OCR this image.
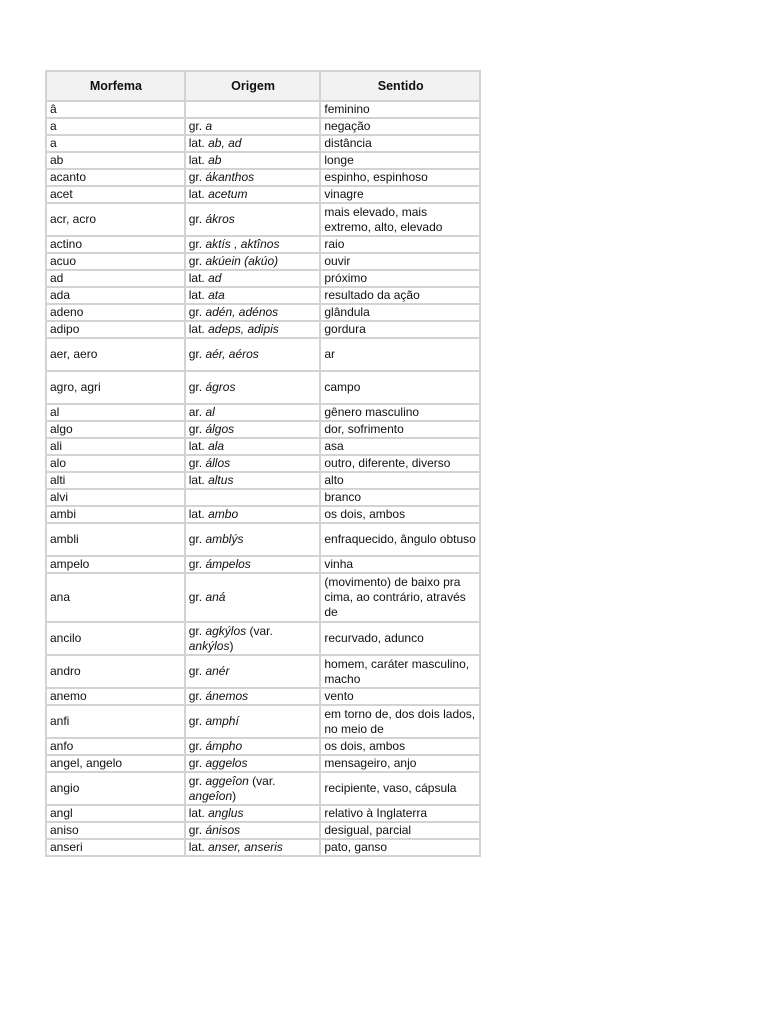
Morfema	Origem	Sentido
â		feminino
a	gr. a	negação
a	lat. ab, ad	distância
ab	lat. ab	longe
acanto	gr. ákanthos	espinho, espinhoso
acet	lat. acetum	vinagre
acr, acro	gr. ákros	mais elevado, mais extremo, alto, elevado
actino	gr. aktís , aktînos	raio
acuo	gr. akúein (akúo)	ouvir
ad	lat. ad	próximo
ada	lat. ata	resultado da ação
adeno	gr. adén, adénos	glândula
adipo	lat. adeps, adipis	gordura
aer, aero	gr. aér, aéros	ar
agro, agri	gr. ágros	campo
al	ar. al	gênero masculino
algo	gr. álgos	dor, sofrimento
ali	lat. ala	asa
alo	gr. állos	outro, diferente, diverso
alti	lat. altus	alto
alvi		branco
ambi	lat. ambo	os dois, ambos
ambli	gr. amblýs	enfraquecido, ângulo obtuso
ampelo	gr. ámpelos	vinha
ana	gr. aná	(movimento) de baixo pra cima, ao contrário, através de
ancilo	gr. agkýlos (var. ankýlos)	recurvado, adunco
andro	gr. anér	homem, caráter masculino, macho
anemo	gr. ánemos	vento
anfi	gr. amphí	em torno de, dos dois lados, no meio de
anfo	gr. ámpho	os dois, ambos
angel, angelo	gr. aggelos	mensageiro, anjo
angio	gr. aggeîon (var. angeîon)	recipiente, vaso, cápsula
angl	lat. anglus	relativo à Inglaterra
aniso	gr. ánisos	desigual, parcial
anseri	lat. anser, anseris	pato, ganso
